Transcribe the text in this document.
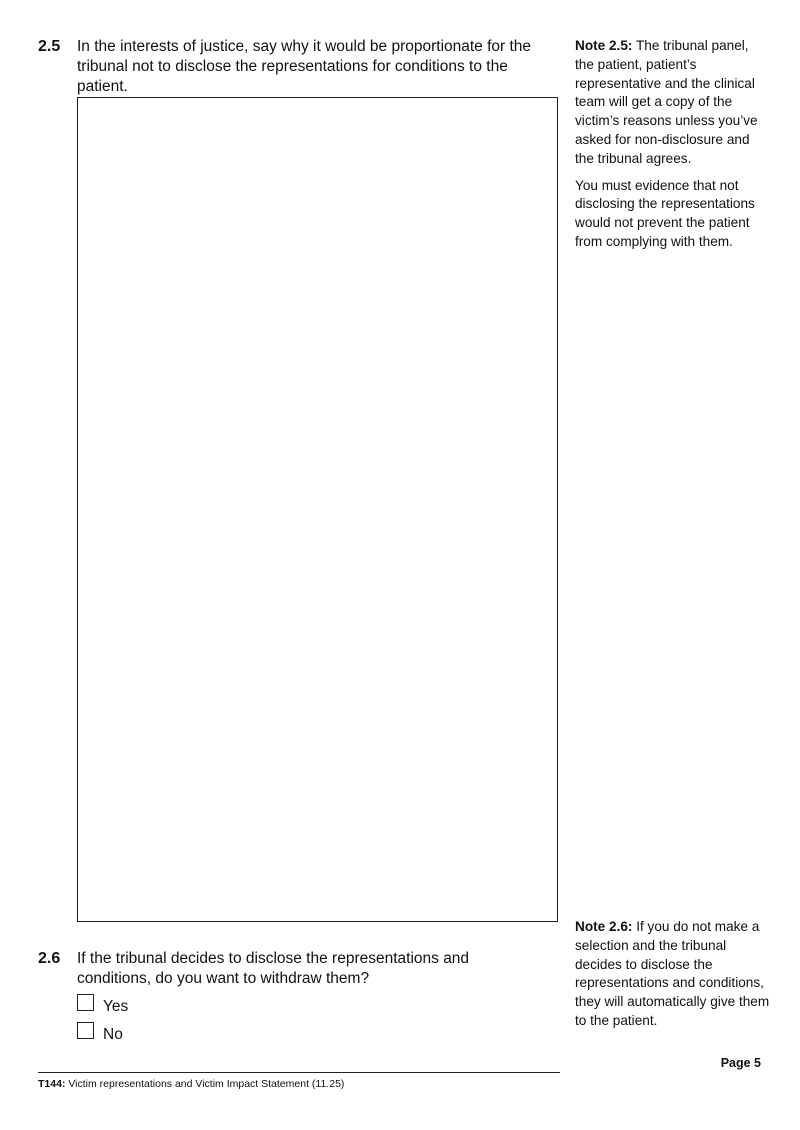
2.5 In the interests of justice, say why it would be proportionate for the tribunal not to disclose the representations for conditions to the patient.

Note 2.5: The tribunal panel, the patient, patient’s representative and the clinical team will get a copy of the victim’s reasons unless you’ve asked for non-disclosure and the tribunal agrees.

You must evidence that not disclosing the representations would not prevent the patient from complying with them.

Note 2.6: If you do not make a selection and the tribunal decides to disclose the representations and conditions, they will automatically give them to the patient.

2.6 If the tribunal decides to disclose the representations and conditions, do you want to withdraw them?
Yes
No
Page 5
T144: Victim representations and Victim Impact Statement (11.25)
